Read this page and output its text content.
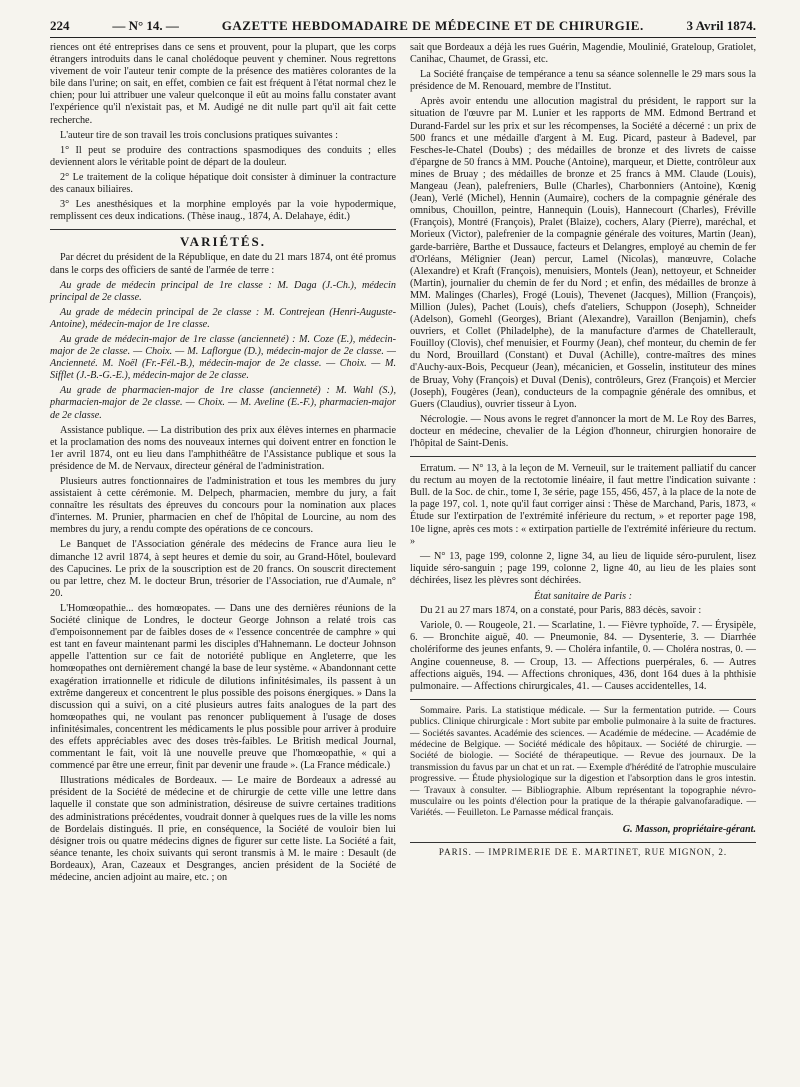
224	— N° 14. —	GAZETTE HEBDOMADAIRE DE MÉDECINE ET DE CHIRURGIE.	3 Avril 1874.

riences ont été entreprises dans ce sens et prouvent, pour la plupart, que les corps étrangers introduits dans le canal cholédoque peuvent y cheminer. Nous regrettons vivement de voir l'auteur tenir compte de la présence des matières colorantes de la bile dans l'urine; on sait, en effet, combien ce fait est fréquent à l'état normal chez le chien; pour lui attribuer une valeur quelconque il eût au moins fallu constater avant l'expérience qu'il n'existait pas, et M. Audigé ne dit nulle part qu'il ait fait cette recherche.

L'auteur tire de son travail les trois conclusions pratiques suivantes :

1° Il peut se produire des contractions spasmodiques des conduits ; elles deviennent alors le véritable point de départ de la douleur.

2° Le traitement de la colique hépatique doit consister à diminuer la contracture des canaux biliaires.

3° Les anesthésiques et la morphine employés par la voie hypodermique, remplissent ces deux indications. (Thèse inaug., 1874, A. Delahaye, édit.)

VARIÉTÉS.

Par décret du président de la République, en date du 21 mars 1874, ont été promus dans le corps des officiers de santé de l'armée de terre :

Au grade de médecin principal de 1re classe : M. Daga (J.-Ch.), médecin principal de 2e classe.

Au grade de médecin principal de 2e classe : M. Contrejean (Henri-Auguste-Antoine), médecin-major de 1re classe.

Au grade de médecin-major de 1re classe (ancienneté) : M. Coze (E.), médecin-major de 2e classe. — Choix. — M. Laflorgue (D.), médecin-major de 2e classe. — Ancienneté. M. Noël (Fr.-Fél.-B.), médecin-major de 2e classe. — Choix. — M. Sifflet (J.-B.-G.-E.), médecin-major de 2e classe.

Au grade de pharmacien-major de 1re classe (ancienneté) : M. Wahl (S.), pharmacien-major de 2e classe. — Choix. — M. Aveline (E.-F.), pharmacien-major de 2e classe.

Assistance publique. — La distribution des prix aux élèves internes en pharmacie et la proclamation des noms des nouveaux internes qui doivent entrer en fonction le 1er avril 1874, ont eu lieu dans l'amphithéâtre de l'Assistance publique et sous la présidence de M. de Nervaux, directeur général de l'administration.

Plusieurs autres fonctionnaires de l'administration et tous les membres du jury assistaient à cette cérémonie. M. Delpech, pharmacien, membre du jury, a fait connaître les résultats des épreuves du concours pour la nomination aux places d'internes. M. Prunier, pharmacien en chef de l'hôpital de Lourcine, au nom des membres du jury, a rendu compte des opérations de ce concours.

Le Banquet de l'Association générale des médecins de France aura lieu le dimanche 12 avril 1874, à sept heures et demie du soir, au Grand-Hôtel, boulevard des Capucines. Le prix de la souscription est de 20 francs. On souscrit directement ou par lettre, chez M. le docteur Brun, trésorier de l'Association, rue d'Aumale, n° 20.

L'Homœopathie... des homœopates. — Dans une des dernières réunions de la Société clinique de Londres, le docteur George Johnson a relaté trois cas d'empoisonnement par de faibles doses de « l'essence concentrée de camphre » qui est tant en faveur maintenant parmi les disciples d'Hahnemann. Le docteur Johnson appelle l'attention sur ce fait de notoriété publique en Angleterre, que les homœopathes ont dernièrement changé la base de leur système. « Abandonnant cette exagération irrationnelle et ridicule de dilutions infinitésimales, ils passent à un extrême dangereux et concentrent le plus possible des poisons énergiques. » Dans la discussion qui a suivi, on a cité plusieurs autres faits analogues de la part des homœopathes qui, ne voulant pas renoncer publiquement à l'usage de doses infinitésimales, concentrent les médicaments le plus possible pour arriver à produire des effets appréciables avec des doses très-faibles. Le British medical Journal, commentant le fait, voit là une nouvelle preuve que l'homœopathie, « qui a commencé par être une erreur, finit par devenir une fraude ». (La France médicale.)

Illustrations médicales de Bordeaux. — Le maire de Bordeaux a adressé au président de la Société de médecine et de chirurgie de cette ville une lettre dans laquelle il constate que son administration, désireuse de suivre certaines traditions des administrations précédentes, voudrait donner à quelques rues de la ville les noms de Bordelais distingués. Il prie, en conséquence, la Société de vouloir bien lui désigner trois ou quatre médecins dignes de figurer sur cette liste. La Société a fait, séance tenante, les choix suivants qui seront transmis à M. le maire : Desault (de Bordeaux), Aran, Cazeaux et Desgranges, ancien président de la Société de médecine, ancien adjoint au maire, etc. ; on

sait que Bordeaux a déjà les rues Guérin, Magendie, Moulinié, Grateloup, Gratiolet, Canihac, Chaumet, de Grassi, etc.

La Société française de tempérance a tenu sa séance solennelle le 29 mars sous la présidence de M. Renouard, membre de l'Institut.

Après avoir entendu une allocution magistral du président, le rapport sur la situation de l'œuvre par M. Lunier et les rapports de MM. Edmond Bertrand et Durand-Fardel sur les prix et sur les récompenses, la Société a décerné : un prix de 500 francs et une médaille d'argent à M. Eug. Picard, pasteur à Badevel, par Fesches-le-Chatel (Doubs) ; des médailles de bronze et des livrets de caisse d'épargne de 50 francs à MM. Pouche (Antoine), marqueur, et Diette, contrôleur aux mines de Bruay ; des médailles de bronze et 25 francs à MM. Claude (Louis), Mangeau (Jean), palefreniers, Bulle (Charles), Charbonniers (Antoine), Kœnig (Jean), Verlé (Michel), Hennin (Aumaire), cochers de la compagnie générale des omnibus, Chouillon, peintre, Hannequin (Louis), Hannecourt (Charles), Fréville (François), Montré (François), Pralet (Blaize), cochers, Alary (Pierre), maréchal, et Morieux (Victor), palefrenier de la compagnie générale des voitures, Martin (Jean), garde-barrière, Barthe et Dussauce, facteurs et Delangres, employé au chemin de fer d'Orléans, Mélignier (Jean) percur, Lamel (Nicolas), manœuvre, Colache (Alexandre) et Kraft (François), menuisiers, Montels (Jean), nettoyeur, et Schneider (Martin), journalier du chemin de fer du Nord ; et enfin, des médailles de bronze à MM. Malinges (Charles), Frogé (Louis), Thevenet (Jacques), Million (François), Million (Jules), Pachet (Louis), chefs d'ateliers, Schuppon (Joseph), Schneider (Adelson), Gomehl (Georges), Briant (Alexandre), Varaillon (Benjamin), chefs ouvriers, et Collet (Philadelphe), de la manufacture d'armes de Chatellerault, Fouilloy (Clovis), chef menuisier, et Fourmy (Jean), chef monteur, du chemin de fer du Nord, Brouillard (Constant) et Duval (Achille), contre-maîtres des mines d'Auchy-aux-Bois, Pecqueur (Jean), mécanicien, et Gosselin, instituteur des mines de Bruay, Vohy (François) et Duval (Denis), contrôleurs, Grez (François) et Mercier (Joseph), Fougères (Jean), conducteurs de la compagnie générale des omnibus, et Guers (Claudius), ouvrier tisseur à Lyon.

Nécrologie. — Nous avons le regret d'annoncer la mort de M. Le Roy des Barres, docteur en médecine, chevalier de la Légion d'honneur, chirurgien honoraire de l'hôpital de Saint-Denis.

Erratum. — N° 13, à la leçon de M. Verneuil, sur le traitement palliatif du cancer du rectum au moyen de la rectotomie linéaire, il faut mettre l'indication suivante : Bull. de la Soc. de chir., tome I, 3e série, page 155, 456, 457, à la place de la note de la page 197, col. 1, note qu'il faut corriger ainsi : Thèse de Marchand, Paris, 1873, « Étude sur l'extirpation de l'extrémité inférieure du rectum, » et reporter page 198, 10e ligne, après ces mots : « extirpation partielle de l'extrémité inférieure du rectum. »

— N° 13, page 199, colonne 2, ligne 34, au lieu de liquide séro-purulent, lisez liquide séro-sanguin ; page 199, colonne 2, ligne 40, au lieu de les plaies sont déchirées, lisez les plèvres sont déchirées.

État sanitaire de Paris :

Du 21 au 27 mars 1874, on a constaté, pour Paris, 883 décès, savoir :

Variole, 0. — Rougeole, 21. — Scarlatine, 1. — Fièvre typhoïde, 7. — Érysipèle, 6. — Bronchite aiguë, 40. — Pneumonie, 84. — Dysenterie, 3. — Diarrhée cholériforme des jeunes enfants, 9. — Choléra infantile, 0. — Choléra nostras, 0. — Angine couenneuse, 8. — Croup, 13. — Affections puerpérales, 6. — Autres affections aiguës, 194. — Affections chroniques, 436, dont 164 dues à la phthisie pulmonaire. — Affections chirurgicales, 41. — Causes accidentelles, 14.

Sommaire. Paris. La statistique médicale. — Sur la fermentation putride. — Cours publics. Clinique chirurgicale : Mort subite par embolie pulmonaire à la suite de fractures. — Sociétés savantes. Académie des sciences. — Académie de médecine. — Académie de médecine de Belgique. — Société médicale des hôpitaux. — Société de chirurgie. — Société de biologie. — Société de thérapeutique. — Revue des journaux. De la transmission du favus par un chat et un rat. — Exemple d'hérédité de l'atrophie musculaire progressive. — Étude physiologique sur la digestion et l'absorption dans le gros intestin. — Travaux à consulter. — Bibliographie. Album représentant la topographie névro-musculaire ou les points d'élection pour la pratique de la thérapie galvanofaradique. — Variétés. — Feuilleton. Le Parnasse médical français.

G. Masson, propriétaire-gérant.
PARIS. — IMPRIMERIE DE E. MARTINET, RUE MIGNON, 2.
